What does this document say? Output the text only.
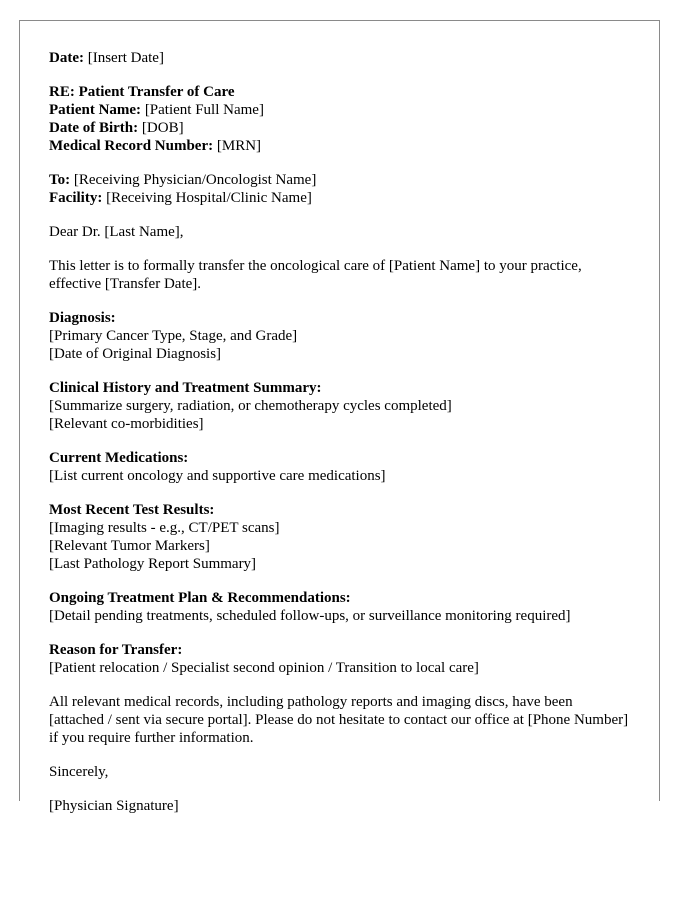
Date: [Insert Date]
RE: Patient Transfer of Care
Patient Name: [Patient Full Name]
Date of Birth: [DOB]
Medical Record Number: [MRN]
To: [Receiving Physician/Oncologist Name]
Facility: [Receiving Hospital/Clinic Name]
Dear Dr. [Last Name],
This letter is to formally transfer the oncological care of [Patient Name] to your practice, effective [Transfer Date].
Diagnosis:
[Primary Cancer Type, Stage, and Grade]
[Date of Original Diagnosis]
Clinical History and Treatment Summary:
[Summarize surgery, radiation, or chemotherapy cycles completed]
[Relevant co-morbidities]
Current Medications:
[List current oncology and supportive care medications]
Most Recent Test Results:
[Imaging results - e.g., CT/PET scans]
[Relevant Tumor Markers]
[Last Pathology Report Summary]
Ongoing Treatment Plan & Recommendations:
[Detail pending treatments, scheduled follow-ups, or surveillance monitoring required]
Reason for Transfer:
[Patient relocation / Specialist second opinion / Transition to local care]
All relevant medical records, including pathology reports and imaging discs, have been [attached / sent via secure portal]. Please do not hesitate to contact our office at [Phone Number] if you require further information.
Sincerely,
[Physician Signature]
